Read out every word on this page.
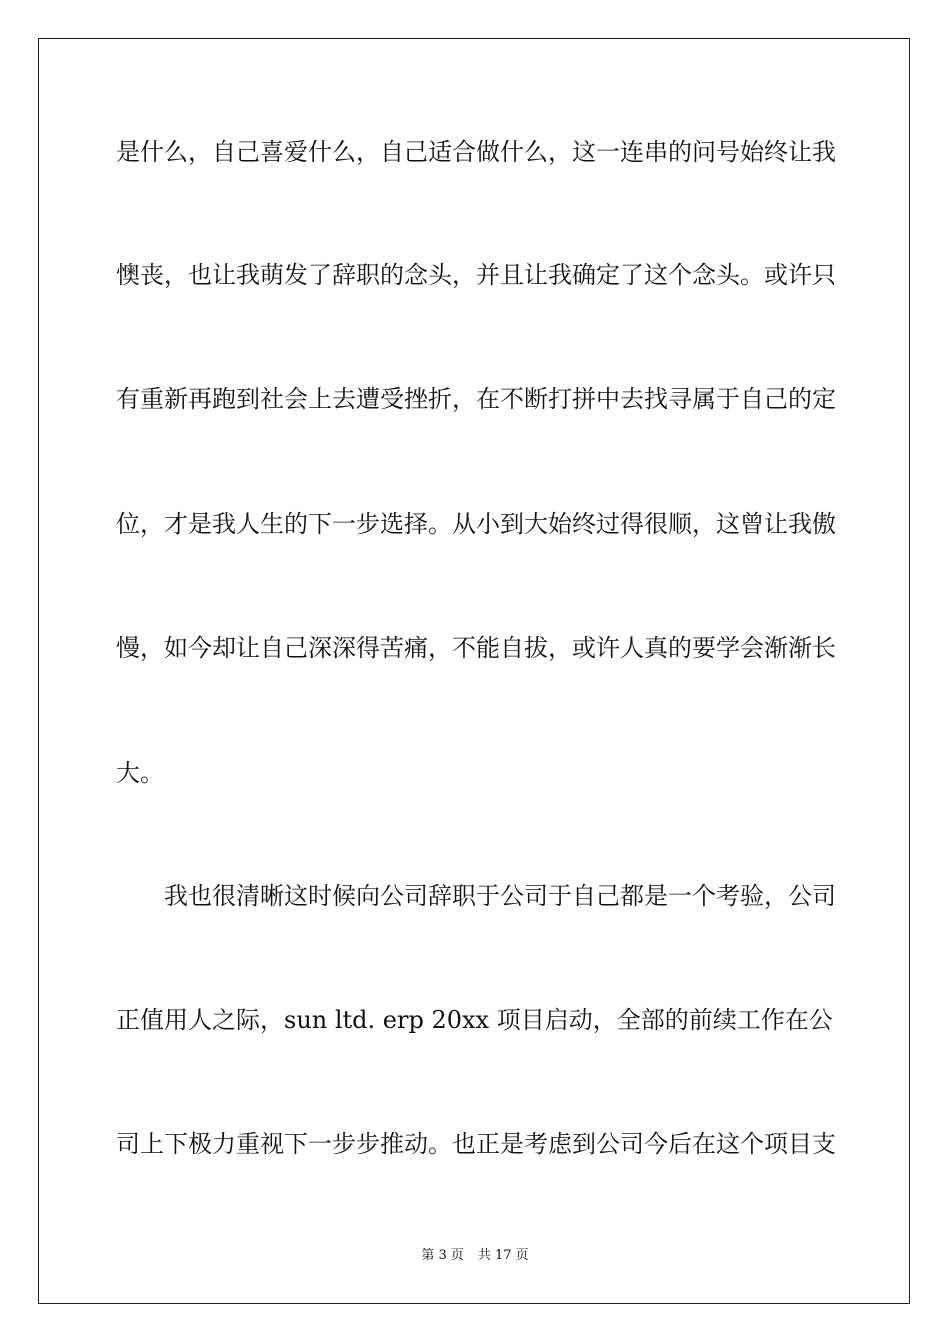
是什么，自己喜爱什么，自己适合做什么，这一连串的问号始终让我
懊丧，也让我萌发了辞职的念头，并且让我确定了这个念头。或许只
有重新再跑到社会上去遭受挫折，在不断打拼中去找寻属于自己的定
位，才是我人生的下一步选择。从小到大始终过得很顺，这曾让我傲
慢，如今却让自己深深得苦痛，不能自拔，或许人真的要学会渐渐长
大。
我也很清晰这时候向公司辞职于公司于自己都是一个考验，公司
正值用人之际，sun ltd. erp 20xx 项目启动，全部的前续工作在公
司上下极力重视下一步步推动。也正是考虑到公司今后在这个项目支
第 3 页 共 17 页
